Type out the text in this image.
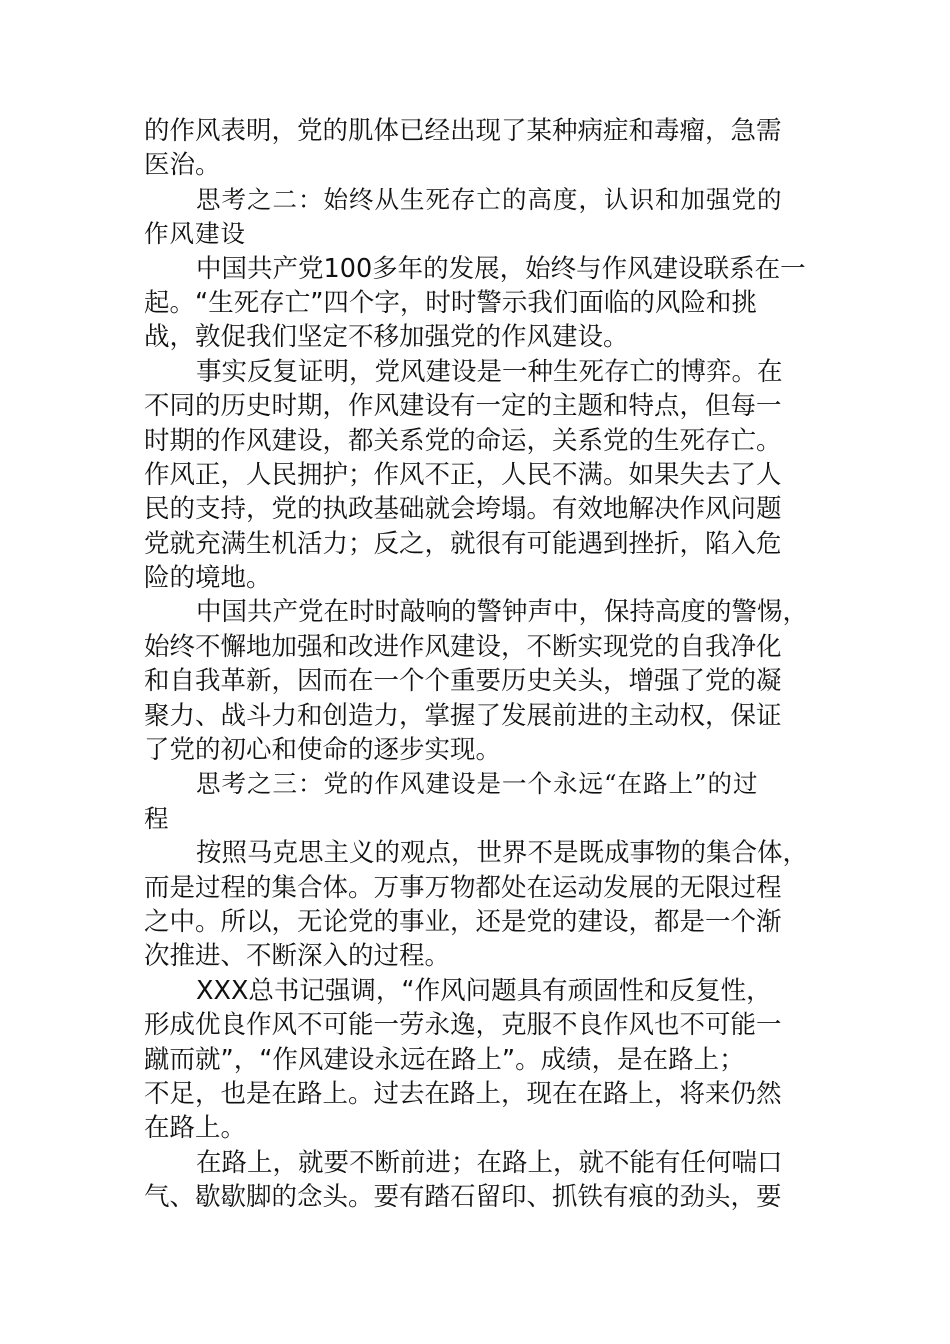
的作风表明，党的肌体已经出现了某种病症和毒瘤，急需
医治。
思考之二：始终从生死存亡的高度，认识和加强党的
作风建设
中国共产党100多年的发展，始终与作风建设联系在一
起。“生死存亡”四个字，时时警示我们面临的风险和挑
战，敦促我们坚定不移加强党的作风建设。
事实反复证明，党风建设是一种生死存亡的博弈。在
不同的历史时期，作风建设有一定的主题和特点，但每一
时期的作风建设，都关系党的命运，关系党的生死存亡。
作风正，人民拥护；作风不正，人民不满。如果失去了人
民的支持，党的执政基础就会垮塌。有效地解决作风问题
党就充满生机活力；反之，就很有可能遇到挫折，陷入危
险的境地。
中国共产党在时时敲响的警钟声中，保持高度的警惕，
始终不懈地加强和改进作风建设，不断实现党的自我净化
和自我革新，因而在一个个重要历史关头，增强了党的凝
聚力、战斗力和创造力，掌握了发展前进的主动权，保证
了党的初心和使命的逐步实现。
思考之三：党的作风建设是一个永远“在路上”的过
程
按照马克思主义的观点，世界不是既成事物的集合体，
而是过程的集合体。万事万物都处在运动发展的无限过程
之中。所以，无论党的事业，还是党的建设，都是一个渐
次推进、不断深入的过程。
XXX总书记强调，“作风问题具有顽固性和反复性，
形成优良作风不可能一劳永逸，克服不良作风也不可能一
蹴而就”，“作风建设永远在路上”。成绩，是在路上；
不足，也是在路上。过去在路上，现在在路上，将来仍然
在路上。
在路上，就要不断前进；在路上，就不能有任何喘口
气、歇歇脚的念头。要有踏石留印、抓铁有痕的劲头，要
